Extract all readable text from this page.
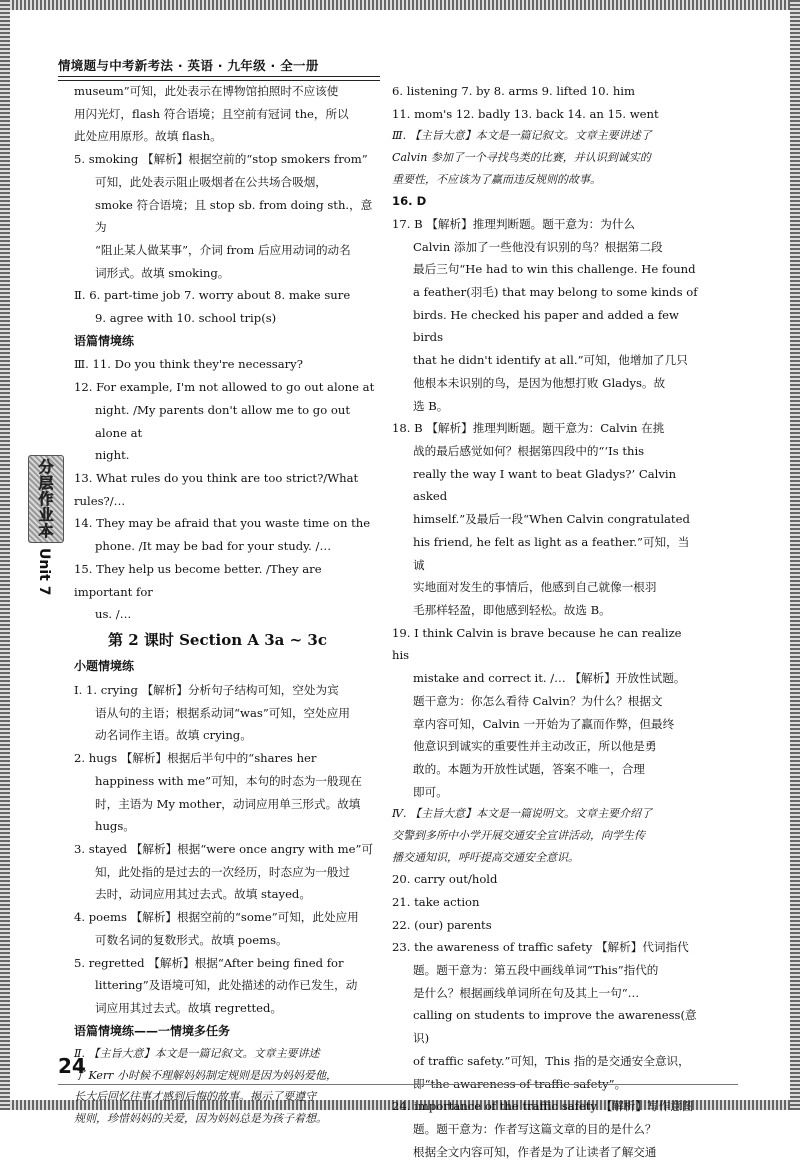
情境题与中考新考法 · 英语 · 九年级 · 全一册
分层作业本
Unit 7

museum”可知，此处表示在博物馆拍照时不应该使

用闪光灯，flash 符合语境；且空前有冠词 the，所以

此处应用原形。故填 flash。

5. smoking 【解析】根据空前的“stop smokers from”

可知，此处表示阻止吸烟者在公共场合吸烟，

smoke 符合语境；且 stop sb. from doing sth.，意为

“阻止某人做某事”，介词 from 后应用动词的动名

词形式。故填 smoking。

Ⅱ. 6. part-time job 7. worry about 8. make sure

9. agree with 10. school trip(s)

语篇情境练

Ⅲ. 11. Do you think they're necessary?

12. For example, I'm not allowed to go out alone at

night. /My parents don't allow me to go out alone at

night.

13. What rules do you think are too strict?/What rules?/…

14. They may be afraid that you waste time on the

phone. /It may be bad for your study. /…

15. They help us become better. /They are important for

us. /…

第 2 课时 Section A 3a ~ 3c

小题情境练

Ⅰ. 1. crying 【解析】分析句子结构可知，空处为宾

语从句的主语；根据系动词“was”可知，空处应用

动名词作主语。故填 crying。

2. hugs 【解析】根据后半句中的“shares her

happiness with me”可知，本句的时态为一般现在

时，主语为 My mother，动词应用单三形式。故填

hugs。

3. stayed 【解析】根据“were once angry with me”可

知，此处指的是过去的一次经历，时态应为一般过

去时，动词应用其过去式。故填 stayed。

4. poems 【解析】根据空前的“some”可知，此处应用

可数名词的复数形式。故填 poems。

5. regretted 【解析】根据“After being fined for

littering”及语境可知，此处描述的动作已发生，动

词应用其过去式。故填 regretted。

语篇情境练——一情境多任务

Ⅱ. 【主旨大意】本文是一篇记叙文。文章主要讲述

了 Kerr 小时候不理解妈妈制定规则是因为妈妈爱他，

长大后回忆往事才感到后悔的故事。揭示了要遵守

规则，珍惜妈妈的关爱，因为妈妈总是为孩子着想。

6. listening 7. by 8. arms 9. lifted 10. him

11. mom's 12. badly 13. back 14. an 15. went

Ⅲ. 【主旨大意】本文是一篇记叙文。文章主要讲述了

Calvin 参加了一个寻找鸟类的比赛，并认识到诚实的

重要性，不应该为了赢而违反规则的故事。

16. D

17. B 【解析】推理判断题。题干意为：为什么

Calvin 添加了一些他没有识别的鸟？根据第二段

最后三句“He had to win this challenge. He found

a feather(羽毛) that may belong to some kinds of

birds. He checked his paper and added a few birds

that he didn't identify at all.”可知，他增加了几只

他根本未识别的鸟，是因为他想打败 Gladys。故

选 B。

18. B 【解析】推理判断题。题干意为：Calvin 在挑

战的最后感觉如何？根据第四段中的“‘Is this

really the way I want to beat Gladys?’ Calvin asked

himself.”及最后一段“When Calvin congratulated

his friend, he felt as light as a feather.”可知，当诚

实地面对发生的事情后，他感到自己就像一根羽

毛那样轻盈，即他感到轻松。故选 B。

19. I think Calvin is brave because he can realize his

mistake and correct it. /… 【解析】开放性试题。

题干意为：你怎么看待 Calvin？为什么？根据文

章内容可知，Calvin 一开始为了赢而作弊，但最终

他意识到诚实的重要性并主动改正，所以他是勇

敢的。本题为开放性试题，答案不唯一，合理

即可。

Ⅳ. 【主旨大意】本文是一篇说明文。文章主要介绍了

交警到多所中小学开展交通安全宣讲活动，向学生传

播交通知识，呼吁提高交通安全意识。

20. carry out/hold

21. take action

22. (our) parents

23. the awareness of traffic safety 【解析】代词指代

题。题干意为：第五段中画线单词“This”指代的

是什么？根据画线单词所在句及其上一句“…

calling on students to improve the awareness(意识)

of traffic safety.”可知，This 指的是交通安全意识，

即“the awareness of traffic safety”。

24. importance of the traffic safety 【解析】写作意图

题。题干意为：作者写这篇文章的目的是什么？

根据全文内容可知，作者是为了让读者了解交通

24
